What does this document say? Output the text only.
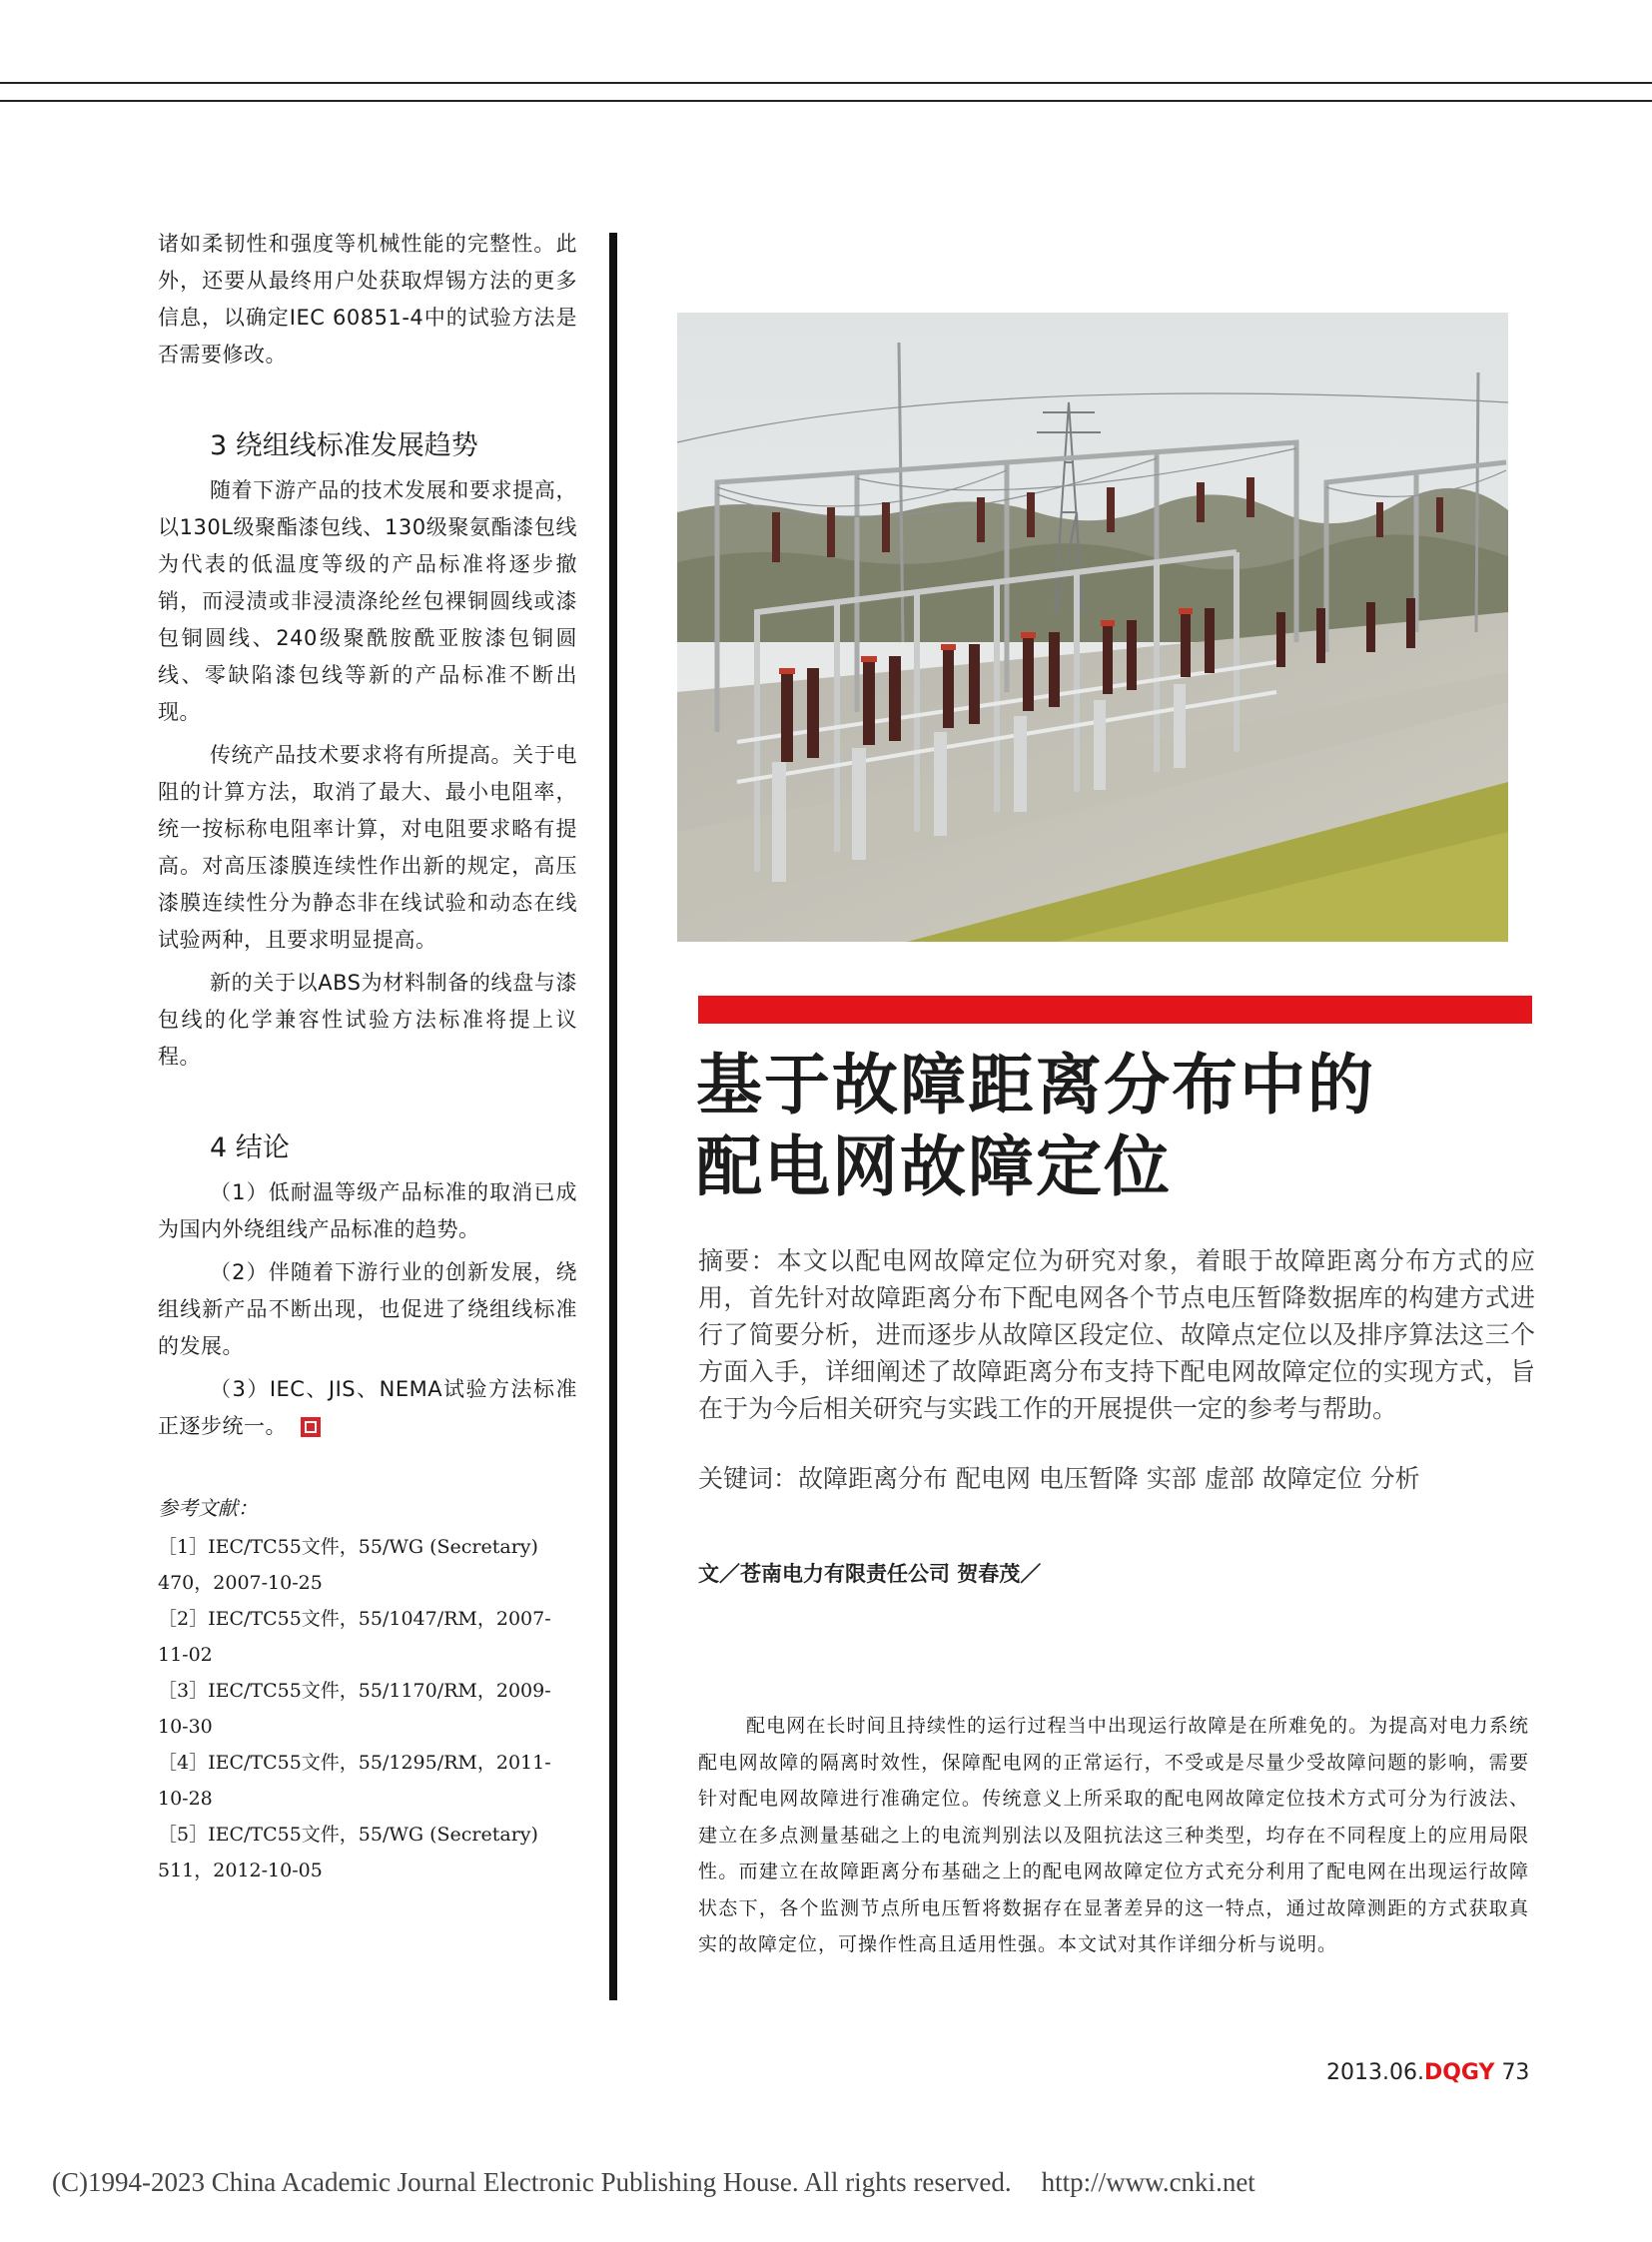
诸如柔韧性和强度等机械性能的完整性。此外，还要从最终用户处获取焊锡方法的更多信息，以确定IEC 60851-4中的试验方法是否需要修改。

3 绕组线标准发展趋势

随着下游产品的技术发展和要求提高，以130L级聚酯漆包线、130级聚氨酯漆包线为代表的低温度等级的产品标准将逐步撤销，而浸渍或非浸渍涤纶丝包裸铜圆线或漆包铜圆线、240级聚酰胺酰亚胺漆包铜圆线、零缺陷漆包线等新的产品标准不断出现。

传统产品技术要求将有所提高。关于电阻的计算方法，取消了最大、最小电阻率，统一按标称电阻率计算，对电阻要求略有提高。对高压漆膜连续性作出新的规定，高压漆膜连续性分为静态非在线试验和动态在线试验两种，且要求明显提高。

新的关于以ABS为材料制备的线盘与漆包线的化学兼容性试验方法标准将提上议程。

4 结论

（1）低耐温等级产品标准的取消已成为国内外绕组线产品标准的趋势。

（2）伴随着下游行业的创新发展，绕组线新产品不断出现，也促进了绕组线标准的发展。

（3）IEC、JIS、NEMA试验方法标准正逐步统一。

参考文献：
［1］IEC/TC55文件，55/WG (Secretary) 470，2007-10-25
［2］IEC/TC55文件，55/1047/RM，2007-11-02
［3］IEC/TC55文件，55/1170/RM，2009-10-30
［4］IEC/TC55文件，55/1295/RM，2011-10-28
［5］IEC/TC55文件，55/WG (Secretary) 511，2012-10-05
基于故障距离分布中的
配电网故障定位

摘要：本文以配电网故障定位为研究对象，着眼于故障距离分布方式的应用，首先针对故障距离分布下配电网各个节点电压暂降数据库的构建方式进行了简要分析，进而逐步从故障区段定位、故障点定位以及排序算法这三个方面入手，详细阐述了故障距离分布支持下配电网故障定位的实现方式，旨在于为今后相关研究与实践工作的开展提供一定的参考与帮助。

关键词：故障距离分布 配电网 电压暂降 实部 虚部 故障定位 分析

文／苍南电力有限责任公司 贺春茂／

配电网在长时间且持续性的运行过程当中出现运行故障是在所难免的。为提高对电力系统配电网故障的隔离时效性，保障配电网的正常运行，不受或是尽量少受故障问题的影响，需要针对配电网故障进行准确定位。传统意义上所采取的配电网故障定位技术方式可分为行波法、建立在多点测量基础之上的电流判别法以及阻抗法这三种类型，均存在不同程度上的应用局限性。而建立在故障距离分布基础之上的配电网故障定位方式充分利用了配电网在出现运行故障状态下，各个监测节点所电压暂将数据存在显著差异的这一特点，通过故障测距的方式获取真实的故障定位，可操作性高且适用性强。本文试对其作详细分析与说明。

2013.06.DQGY 73
(C)1994-2023 China Academic Journal Electronic Publishing House. All rights reserved. http://www.cnki.net
